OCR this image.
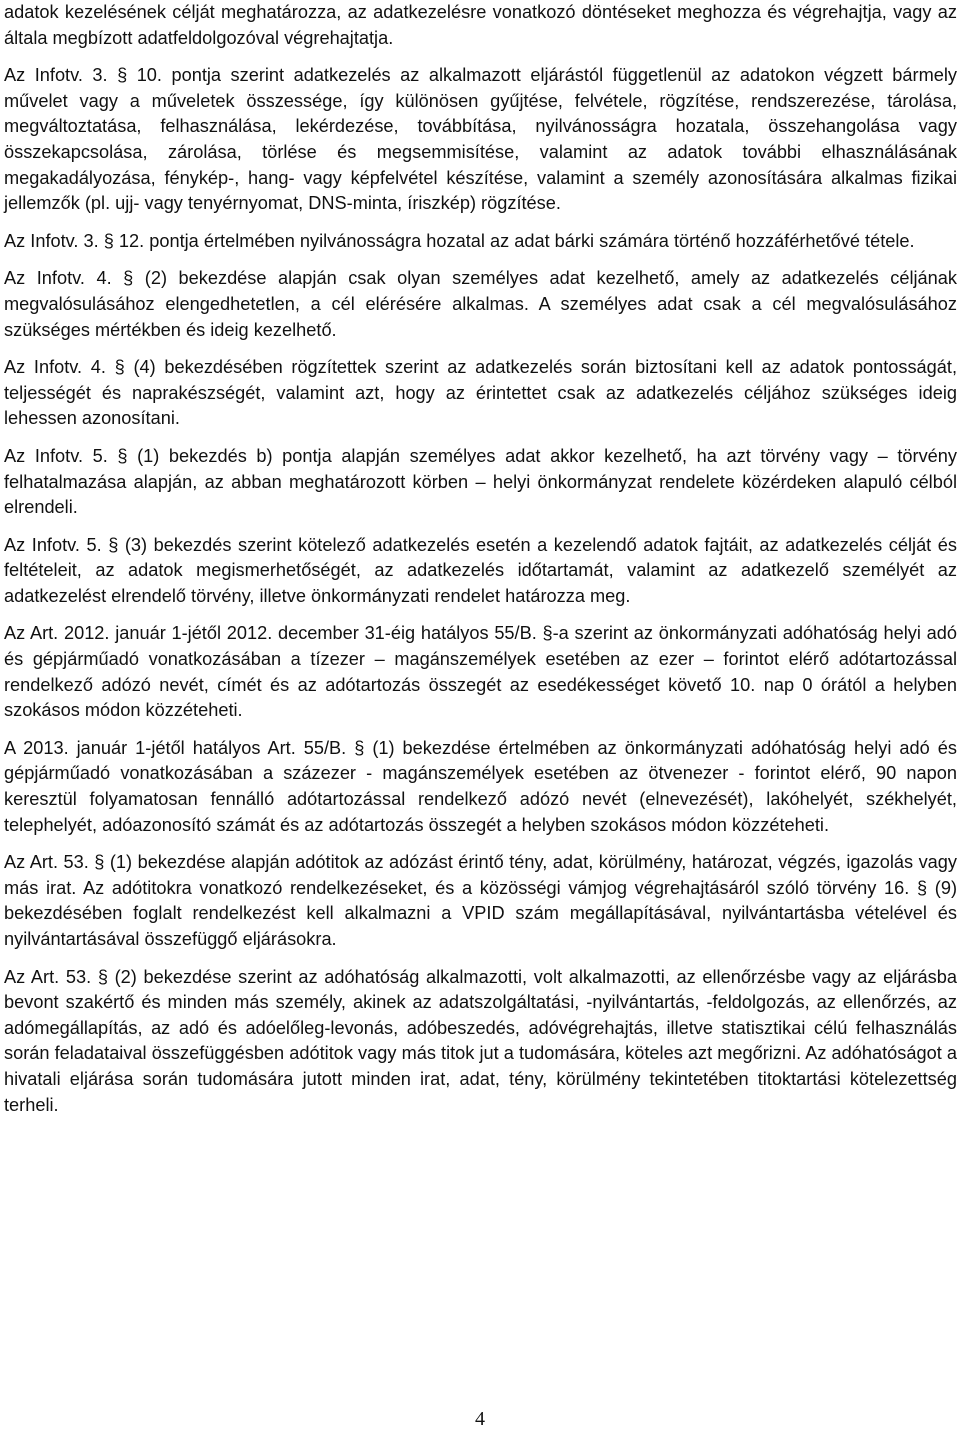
adatok kezelésének célját meghatározza, az adatkezelésre vonatkozó döntéseket meghozza és végrehajtja, vagy az általa megbízott adatfeldolgozóval végrehajtatja.

Az Infotv. 3. § 10. pontja szerint adatkezelés az alkalmazott eljárástól függetlenül az adatokon végzett bármely művelet vagy a műveletek összessége, így különösen gyűjtése, felvétele, rögzítése, rendszerezése, tárolása, megváltoztatása, felhasználása, lekérdezése, továbbítása, nyilvánosságra hozatala, összehangolása vagy összekapcsolása, zárolása, törlése és megsemmisítése, valamint az adatok további elhasználásának megakadályozása, fénykép-, hang- vagy képfelvétel készítése, valamint a személy azonosítására alkalmas fizikai jellemzők (pl. ujj- vagy tenyérnyomat, DNS-minta, íriszkép) rögzítése.

Az Infotv. 3. § 12. pontja értelmében nyilvánosságra hozatal az adat bárki számára történő hozzáférhetővé tétele.

Az Infotv. 4. § (2) bekezdése alapján csak olyan személyes adat kezelhető, amely az adatkezelés céljának megvalósulásához elengedhetetlen, a cél elérésére alkalmas. A személyes adat csak a cél megvalósulásához szükséges mértékben és ideig kezelhető.

Az Infotv. 4. § (4) bekezdésében rögzítettek szerint az adatkezelés során biztosítani kell az adatok pontosságát, teljességét és naprakészségét, valamint azt, hogy az érintettet csak az adatkezelés céljához szükséges ideig lehessen azonosítani.

Az Infotv. 5. § (1) bekezdés b) pontja alapján személyes adat akkor kezelhető, ha azt törvény vagy – törvény felhatalmazása alapján, az abban meghatározott körben – helyi önkormányzat rendelete közérdeken alapuló célból elrendeli.

Az Infotv. 5. § (3) bekezdés szerint kötelező adatkezelés esetén a kezelendő adatok fajtáit, az adatkezelés célját és feltételeit, az adatok megismerhetőségét, az adatkezelés időtartamát, valamint az adatkezelő személyét az adatkezelést elrendelő törvény, illetve önkormányzati rendelet határozza meg.

Az Art. 2012. január 1-jétől 2012. december 31-éig hatályos 55/B. §-a szerint az önkormányzati adóhatóság helyi adó és gépjárműadó vonatkozásában a tízezer – magánszemélyek esetében az ezer – forintot elérő adótartozással rendelkező adózó nevét, címét és az adótartozás összegét az esedékességet követő 10. nap 0 órától a helyben szokásos módon közzéteheti.

A 2013. január 1-jétől hatályos Art. 55/B. § (1) bekezdése értelmében az önkormányzati adóhatóság helyi adó és gépjárműadó vonatkozásában a százezer - magánszemélyek esetében az ötvenezer - forintot elérő, 90 napon keresztül folyamatosan fennálló adótartozással rendelkező adózó nevét (elnevezését), lakóhelyét, székhelyét, telephelyét, adóazonosító számát és az adótartozás összegét a helyben szokásos módon közzéteheti.

Az Art. 53. § (1) bekezdése alapján adótitok az adózást érintő tény, adat, körülmény, határozat, végzés, igazolás vagy más irat. Az adótitokra vonatkozó rendelkezéseket, és a közösségi vámjog végrehajtásáról szóló törvény 16. § (9) bekezdésében foglalt rendelkezést kell alkalmazni a VPID szám megállapításával, nyilvántartásba vételével és nyilvántartásával összefüggő eljárásokra.

Az Art. 53. § (2) bekezdése szerint az adóhatóság alkalmazotti, volt alkalmazotti, az ellenőrzésbe vagy az eljárásba bevont szakértő és minden más személy, akinek az adatszolgáltatási, -nyilvántartás, -feldolgozás, az ellenőrzés, az adómegállapítás, az adó és adóelőleg-levonás, adóbeszedés, adóvégrehajtás, illetve statisztikai célú felhasználás során feladataival összefüggésben adótitok vagy más titok jut a tudomására, köteles azt megőrizni. Az adóhatóságot a hivatali eljárása során tudomására jutott minden irat, adat, tény, körülmény tekintetében titoktartási kötelezettség terheli.

4
